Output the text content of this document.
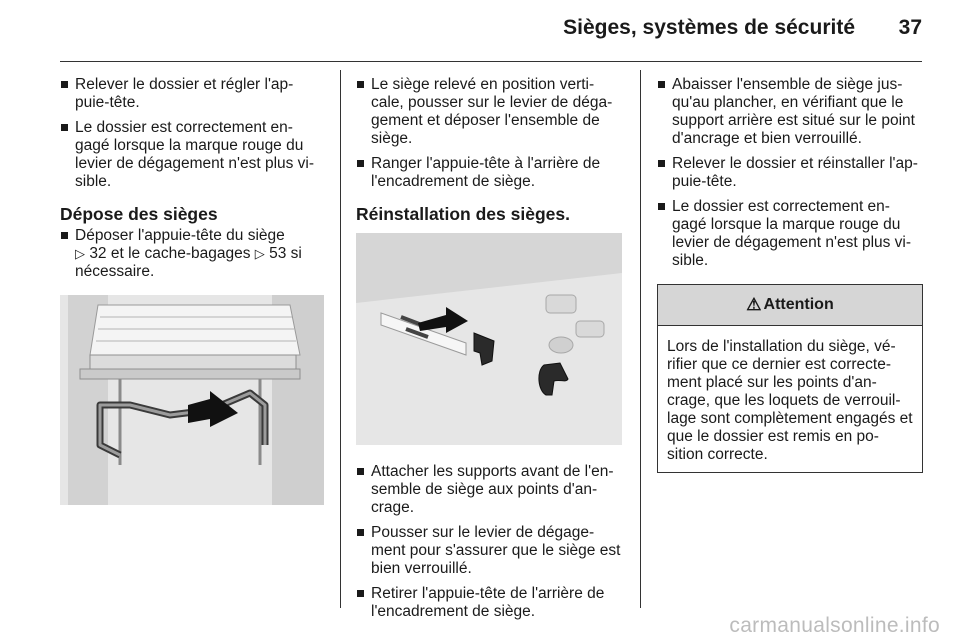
Sièges, systèmes de sécurité 37
Relever le dossier et régler l'ap-puie-tête.
Le dossier est correctement en-gagé lorsque la marque rouge du levier de dégagement n'est plus vi-sible.
Dépose des sièges
Déposer l'appuie-tête du siège
▷ 32 et le cache-bagages ▷ 53 si nécessaire.
Le siège relevé en position verti-cale, pousser sur le levier de déga-gement et déposer l'ensemble de siège.
Ranger l'appuie-tête à l'arrière de l'encadrement de siège.
Réinstallation des sièges.
Attacher les supports avant de l'en-semble de siège aux points d'an-crage.
Pousser sur le levier de dégage-ment pour s'assurer que le siège est bien verrouillé.
Retirer l'appuie-tête de l'arrière de l'encadrement de siège.
Abaisser l'ensemble de siège jus-qu'au plancher, en vérifiant que le support arrière est situé sur le point d'ancrage et bien verrouillé.
Relever le dossier et réinstaller l'ap-puie-tête.
Le dossier est correctement en-gagé lorsque la marque rouge du levier de dégagement n'est plus vi-sible.
⚠ Attention
Lors de l'installation du siège, vé-rifier que ce dernier est correcte-ment placé sur les points d'an-crage, que les loquets de verrouil-lage sont complètement engagés et que le dossier est remis en po-sition correcte.
carmanualsonline.info
